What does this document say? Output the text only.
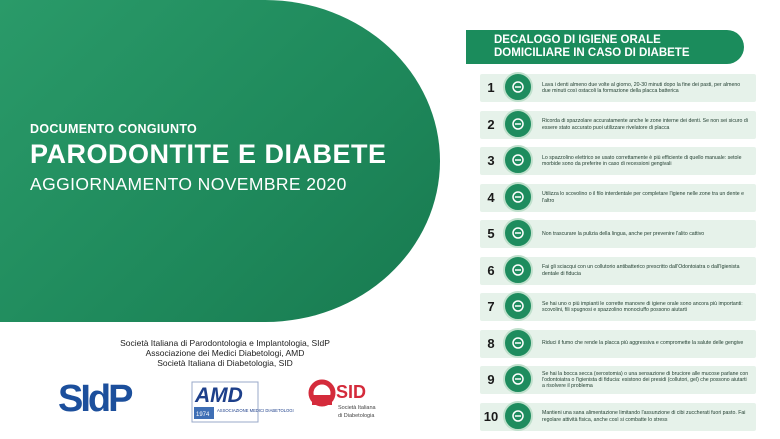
DOCUMENTO CONGIUNTO
PARODONTITE E DIABETE
AGGIORNAMENTO NOVEMBRE 2020
Società Italiana di Parodontologia e Implantologia, SIdP
Associazione dei Medici Diabetologi, AMD
Società Italiana di Diabetologia, SID
SIdP	AMD
1974
ASSOCIAZIONE MEDICI DIABETOLOGI
SID
Società Italiana
di Diabetologia
DECALOGO DI IGIENE ORALE
DOMICILIARE IN CASO DI DIABETE
1	Lava i denti almeno due volte al giorno, 20-30 minuti dopo la fine dei pasti, per almeno due minuti così ostacoli la formazione della placca batterica
2	Ricorda di spazzolare accuratamente anche le zone interne dei denti. Se non sei sicuro di essere stato accurato puoi utilizzare rivelatore di placca
3	Lo spazzolino elettrico se usato correttamente è più efficiente di quello manuale: setole morbide sono da preferire in caso di recessioni gengivali
4	Utilizza lo scovolino o il filo interdentale per completare l'igiene nelle zone tra un dente e l'altro
5	Non trascurare la pulizia della lingua, anche per prevenire l'alito cattivo
6	Fai gli sciacqui con un collutorio antibatterico prescritto dall'Odontoiatra o dall'Igienista dentale di fiducia
7	Se hai uno o più impianti le corrette manovre di igiene orale sono ancora più importanti: scovolini, fili spugnosi e spazzolino monociuffo possono aiutarti
8	Riduci il fumo che rende la placca più aggressiva e compromette la salute delle gengive
9	Se hai la bocca secca (xerostomia) o una sensazione di bruciore alle mucose parlane con l'odontoiatra o l'igienista di fiducia: esistono dei presidi (collutori, gel) che possono aiutarti a risolvere il problema
10	Mantieni una sana alimentazione limitando l'assunzione di cibi zuccherati fuori pasto. Fai regolare attività fisica, anche così si combatte lo stress
